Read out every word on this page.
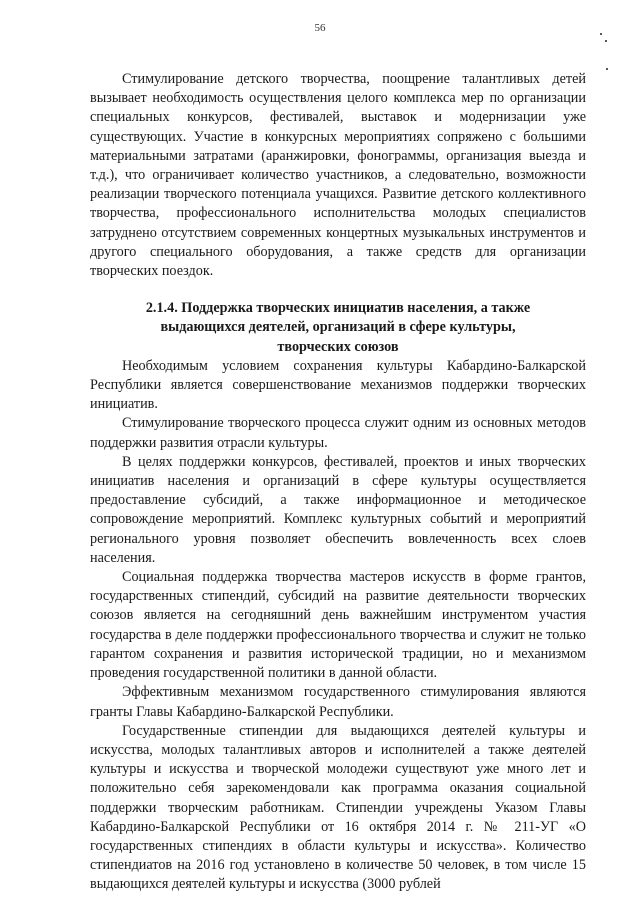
56

Стимулирование детского творчества, поощрение талантливых детей вызывает необходимость осуществления целого комплекса мер по организации специальных конкурсов, фестивалей, выставок и модернизации уже существующих. Участие в конкурсных мероприятиях сопряжено с большими материальными затратами (аранжировки, фонограммы, организация выезда и т.д.), что ограничивает количество участников, а следовательно, возможности реализации творческого потенциала учащихся. Развитие детского коллективного творчества, профессионального исполнительства молодых специалистов затруднено отсутствием современных концертных музыкальных инструментов и другого специального оборудования, а также средств для организации творческих поездок.

2.1.4. Поддержка творческих инициатив населения, а также
выдающихся деятелей, организаций в сфере культуры,
творческих союзов

Необходимым условием сохранения культуры Кабардино-Балкарской Республики является совершенствование механизмов поддержки творческих инициатив.

Стимулирование творческого процесса служит одним из основных методов поддержки развития отрасли культуры.

В целях поддержки конкурсов, фестивалей, проектов и иных творческих инициатив населения и организаций в сфере культуры осуществляется предоставление субсидий, а также информационное и методическое сопровождение мероприятий. Комплекс культурных событий и мероприятий регионального уровня позволяет обеспечить вовлеченность всех слоев населения.

Социальная поддержка творчества мастеров искусств в форме грантов, государственных стипендий, субсидий на развитие деятельности творческих союзов является на сегодняшний день важнейшим инструментом участия государства в деле поддержки профессионального творчества и служит не только гарантом сохранения и развития исторической традиции, но и механизмом проведения государственной политики в данной области.

Эффективным механизмом государственного стимулирования являются гранты Главы Кабардино-Балкарской Республики.

Государственные стипендии для выдающихся деятелей культуры и искусства, молодых талантливых авторов и исполнителей а также деятелей культуры и искусства и творческой молодежи существуют уже много лет и положительно себя зарекомендовали как программа оказания социальной поддержки творческим работникам. Стипендии учреждены Указом Главы Кабардино-Балкарской Республики от 16 октября 2014 г. № 211-УГ «О государственных стипендиях в области культуры и искусства». Количество стипендиатов на 2016 год установлено в количестве 50 человек, в том числе 15 выдающихся деятелей культуры и искусства (3000 рублей
